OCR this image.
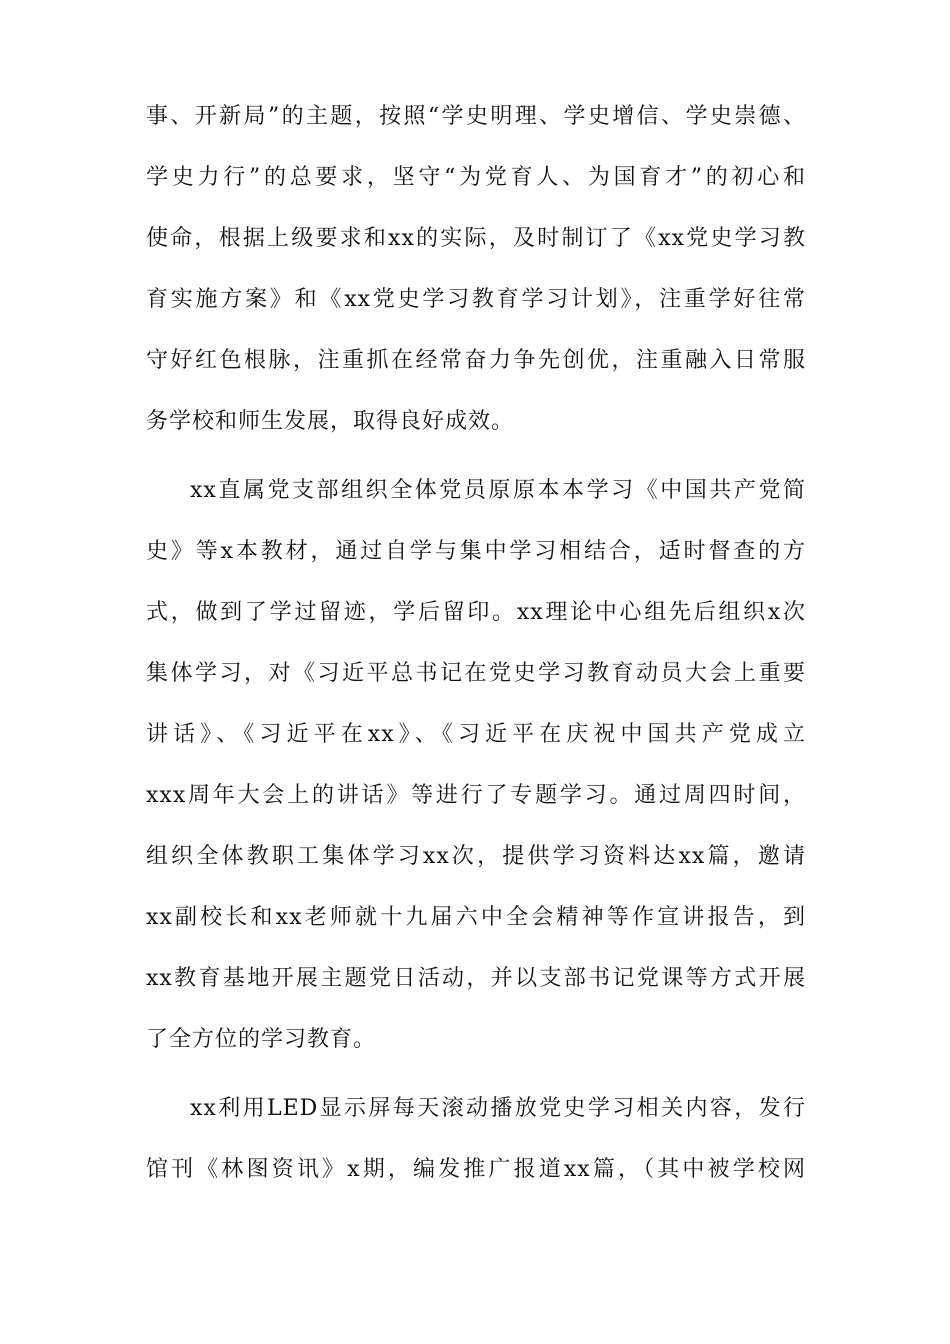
事、开新局”的主题，按照“学史明理、学史增信、学史崇德、
学史力行”的总要求，坚守“为党育人、为国育才”的初心和
使命，根据上级要求和xx的实际，及时制订了《xx党史学习教
育实施方案》和《xx党史学习教育学习计划》，注重学好往常
守好红色根脉，注重抓在经常奋力争先创优，注重融入日常服
务学校和师生发展，取得良好成效。
xx直属党支部组织全体党员原原本本学习《中国共产党简
史》等x本教材，通过自学与集中学习相结合，适时督查的方
式，做到了学过留迹，学后留印。xx理论中心组先后组织x次
集体学习，对《习近平总书记在党史学习教育动员大会上重要
讲话》、《习近平在xx》、《习近平在庆祝中国共产党成立
xxx周年大会上的讲话》等进行了专题学习。通过周四时间，
组织全体教职工集体学习xx次，提供学习资料达xx篇，邀请
xx副校长和xx老师就十九届六中全会精神等作宣讲报告，到
xx教育基地开展主题党日活动，并以支部书记党课等方式开展
了全方位的学习教育。
xx利用LED显示屏每天滚动播放党史学习相关内容，发行
馆刊《林图资讯》x期，编发推广报道xx篇，（其中被学校网
